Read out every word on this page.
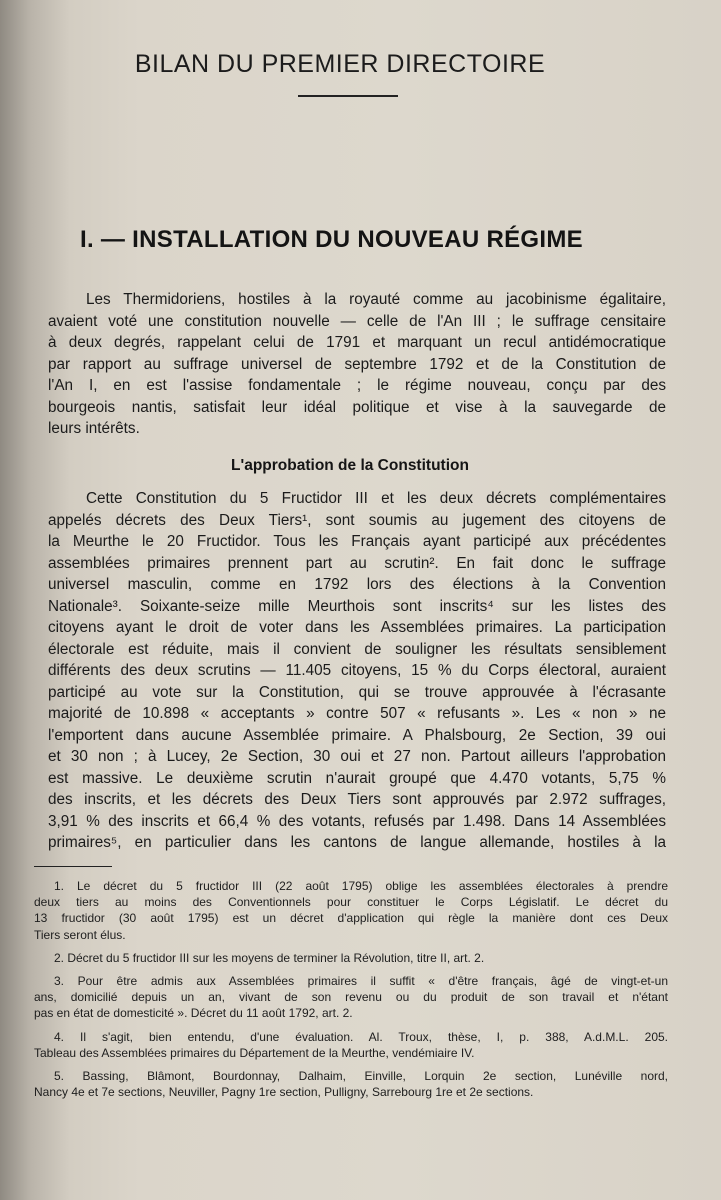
BILAN DU PREMIER DIRECTOIRE
I. — INSTALLATION DU NOUVEAU RÉGIME
Les Thermidoriens, hostiles à la royauté comme au jacobinisme égalitaire,
avaient voté une constitution nouvelle — celle de l'An III ; le suffrage censitaire
à deux degrés, rappelant celui de 1791 et marquant un recul antidémocratique
par rapport au suffrage universel de septembre 1792 et de la Constitution de
l'An I, en est l'assise fondamentale ; le régime nouveau, conçu par des
bourgeois nantis, satisfait leur idéal politique et vise à la sauvegarde de
leurs intérêts.
L'approbation de la Constitution
Cette Constitution du 5 Fructidor III et les deux décrets complémentaires
appelés décrets des Deux Tiers¹, sont soumis au jugement des citoyens de
la Meurthe le 20 Fructidor. Tous les Français ayant participé aux précédentes
assemblées primaires prennent part au scrutin². En fait donc le suffrage
universel masculin, comme en 1792 lors des élections à la Convention
Nationale³. Soixante-seize mille Meurthois sont inscrits⁴ sur les listes des
citoyens ayant le droit de voter dans les Assemblées primaires. La participation
électorale est réduite, mais il convient de souligner les résultats sensiblement
différents des deux scrutins — 11.405 citoyens, 15 % du Corps électoral, auraient
participé au vote sur la Constitution, qui se trouve approuvée à l'écrasante
majorité de 10.898 « acceptants » contre 507 « refusants ». Les « non » ne
l'emportent dans aucune Assemblée primaire. A Phalsbourg, 2e Section, 39 oui
et 30 non ; à Lucey, 2e Section, 30 oui et 27 non. Partout ailleurs l'approbation
est massive. Le deuxième scrutin n'aurait groupé que 4.470 votants, 5,75 %
des inscrits, et les décrets des Deux Tiers sont approuvés par 2.972 suffrages,
3,91 % des inscrits et 66,4 % des votants, refusés par 1.498. Dans 14 Assemblées
primaires⁵, en particulier dans les cantons de langue allemande, hostiles à la
1. Le décret du 5 fructidor III (22 août 1795) oblige les assemblées électorales à prendre
deux tiers au moins des Conventionnels pour constituer le Corps Législatif. Le décret du
13 fructidor (30 août 1795) est un décret d'application qui règle la manière dont ces Deux
Tiers seront élus.
2. Décret du 5 fructidor III sur les moyens de terminer la Révolution, titre II, art. 2.
3. Pour être admis aux Assemblées primaires il suffit « d'être français, âgé de vingt-et-un
ans, domicilié depuis un an, vivant de son revenu ou du produit de son travail et n'étant
pas en état de domesticité ». Décret du 11 août 1792, art. 2.
4. Il s'agit, bien entendu, d'une évaluation. Al. Troux, thèse, I, p. 388, A.d.M.L. 205.
Tableau des Assemblées primaires du Département de la Meurthe, vendémiaire IV.
5. Bassing, Blâmont, Bourdonnay, Dalhaim, Einville, Lorquin 2e section, Lunéville nord,
Nancy 4e et 7e sections, Neuviller, Pagny 1re section, Pulligny, Sarrebourg 1re et 2e sections.
